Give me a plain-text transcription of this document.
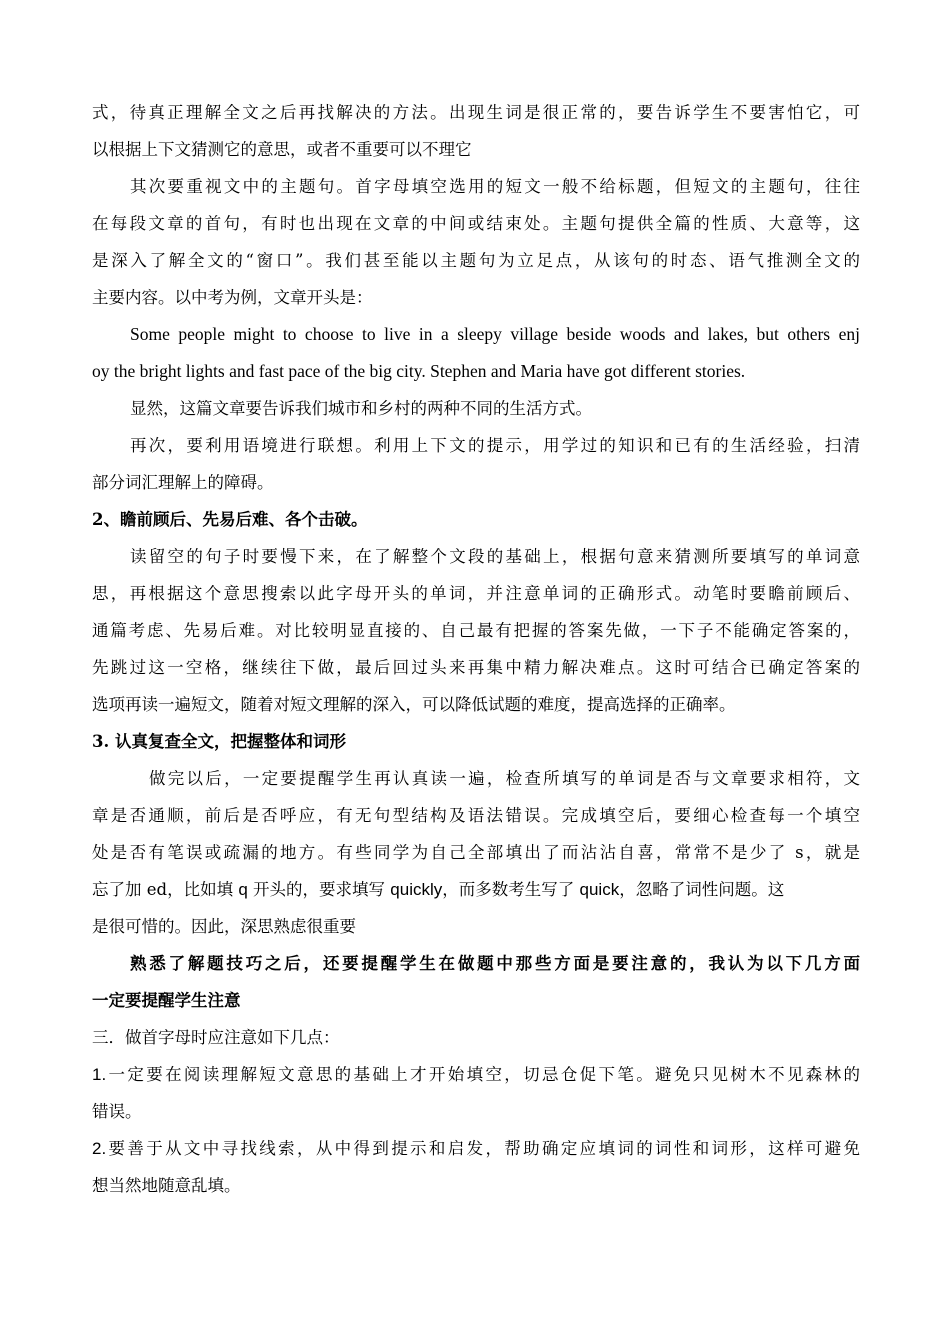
式，待真正理解全文之后再找解决的方法。出现生词是很正常的，要告诉学生不要害怕它，可
以根据上下文猜测它的意思，或者不重要可以不理它
其次要重视文中的主题句。首字母填空选用的短文一般不给标题，但短文的主题句，往往
在每段文章的首句，有时也出现在文章的中间或结束处。主题句提供全篇的性质、大意等，这
是深入了解全文的“窗口”。我们甚至能以主题句为立足点，从该句的时态、语气推测全文的
主要内容。以中考为例，文章开头是：
Some people might to choose to live in a sleepy village beside woods and lakes, but others enj
oy the bright lights and fast pace of the big city. Stephen and Maria have got different stories.
显然，这篇文章要告诉我们城市和乡村的两种不同的生活方式。
再次，要利用语境进行联想。利用上下文的提示，用学过的知识和已有的生活经验，扫清
部分词汇理解上的障碍。
2、瞻前顾后、先易后难、各个击破。
读留空的句子时要慢下来，在了解整个文段的基础上，根据句意来猜测所要填写的单词意
思，再根据这个意思搜索以此字母开头的单词，并注意单词的正确形式。动笔时要瞻前顾后、
通篇考虑、先易后难。对比较明显直接的、自己最有把握的答案先做，一下子不能确定答案的，
先跳过这一空格，继续往下做，最后回过头来再集中精力解决难点。这时可结合已确定答案的
选项再读一遍短文，随着对短文理解的深入，可以降低试题的难度，提高选择的正确率。
3. 认真复查全文，把握整体和词形
做完以后，一定要提醒学生再认真读一遍，检查所填写的单词是否与文章要求相符，文
章是否通顺，前后是否呼应，有无句型结构及语法错误。完成填空后，要细心检查每一个填空
处是否有笔误或疏漏的地方。有些同学为自己全部填出了而沾沾自喜，常常不是少了 s，就是
忘了加 ed，比如填 q 开头的，要求填写 quickly，而多数考生写了 quick，忽略了词性问题。这
是很可惜的。因此，深思熟虑很重要
熟悉了解题技巧之后，还要提醒学生在做题中那些方面是要注意的，我认为以下几方面
一定要提醒学生注意
三．做首字母时应注意如下几点：
1.一定要在阅读理解短文意思的基础上才开始填空，切忌仓促下笔。避免只见树木不见森林的
错误。
2.要善于从文中寻找线索，从中得到提示和启发，帮助确定应填词的词性和词形，这样可避免
想当然地随意乱填。
